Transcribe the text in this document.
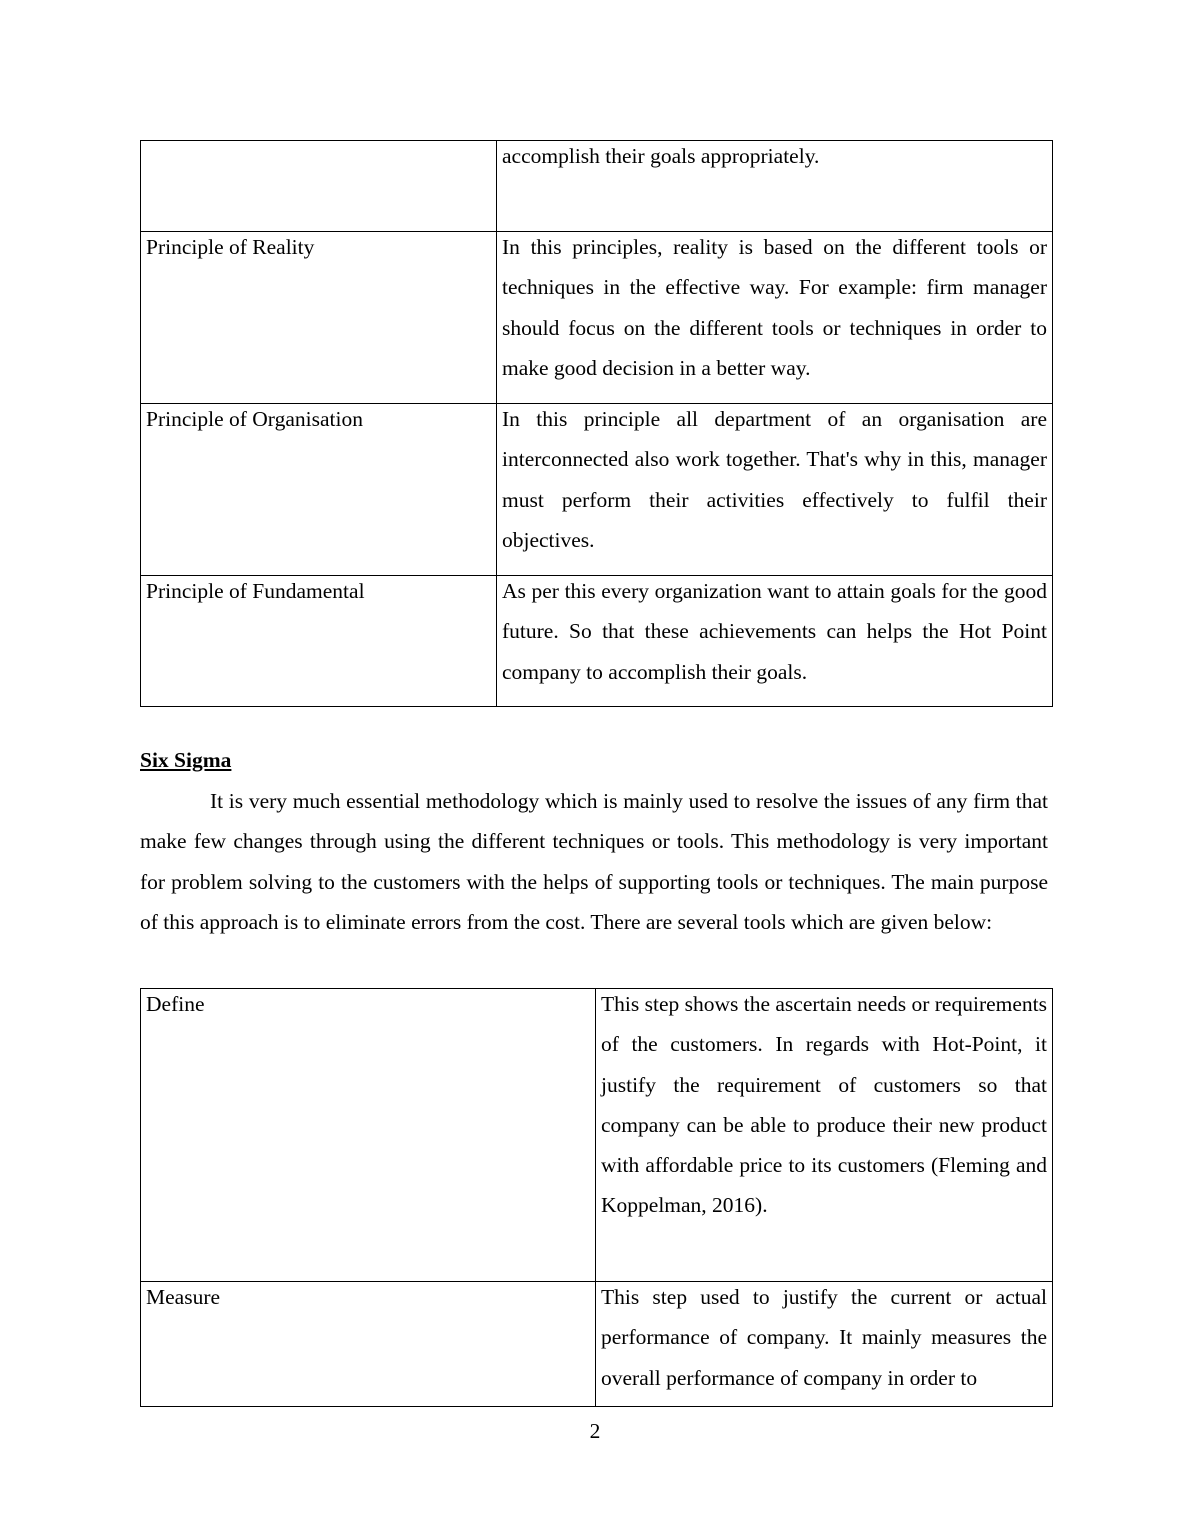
	accomplish their goals appropriately.

Principle of Reality	In this principles, reality is based on the different tools or techniques in the effective way. For example: firm manager should focus on the different tools or techniques in order to make good decision in a better way.

Principle of Organisation	In this principle all department of an organisation are interconnected also work together. That's why in this, manager must perform their activities effectively to fulfil their objectives.

Principle of Fundamental	As per this every organization want to attain goals for the good future. So that these achievements can helps the Hot Point company to accomplish their goals.

Six Sigma

It is very much essential methodology which is mainly used to resolve the issues of any firm that make few changes through using the different techniques or tools. This methodology is very important for problem solving to the customers with the helps of supporting tools or techniques. The main purpose of this approach is to eliminate errors from the cost. There are several tools which are given below:

Define	This step shows the ascertain needs or requirements of the customers. In regards with Hot-Point, it justify the requirement of customers so that company can be able to produce their new product with affordable price to its customers (Fleming and Koppelman, 2016).

Measure	This step used to justify the current or actual performance of company. It mainly measures the overall performance of company in order to

2
